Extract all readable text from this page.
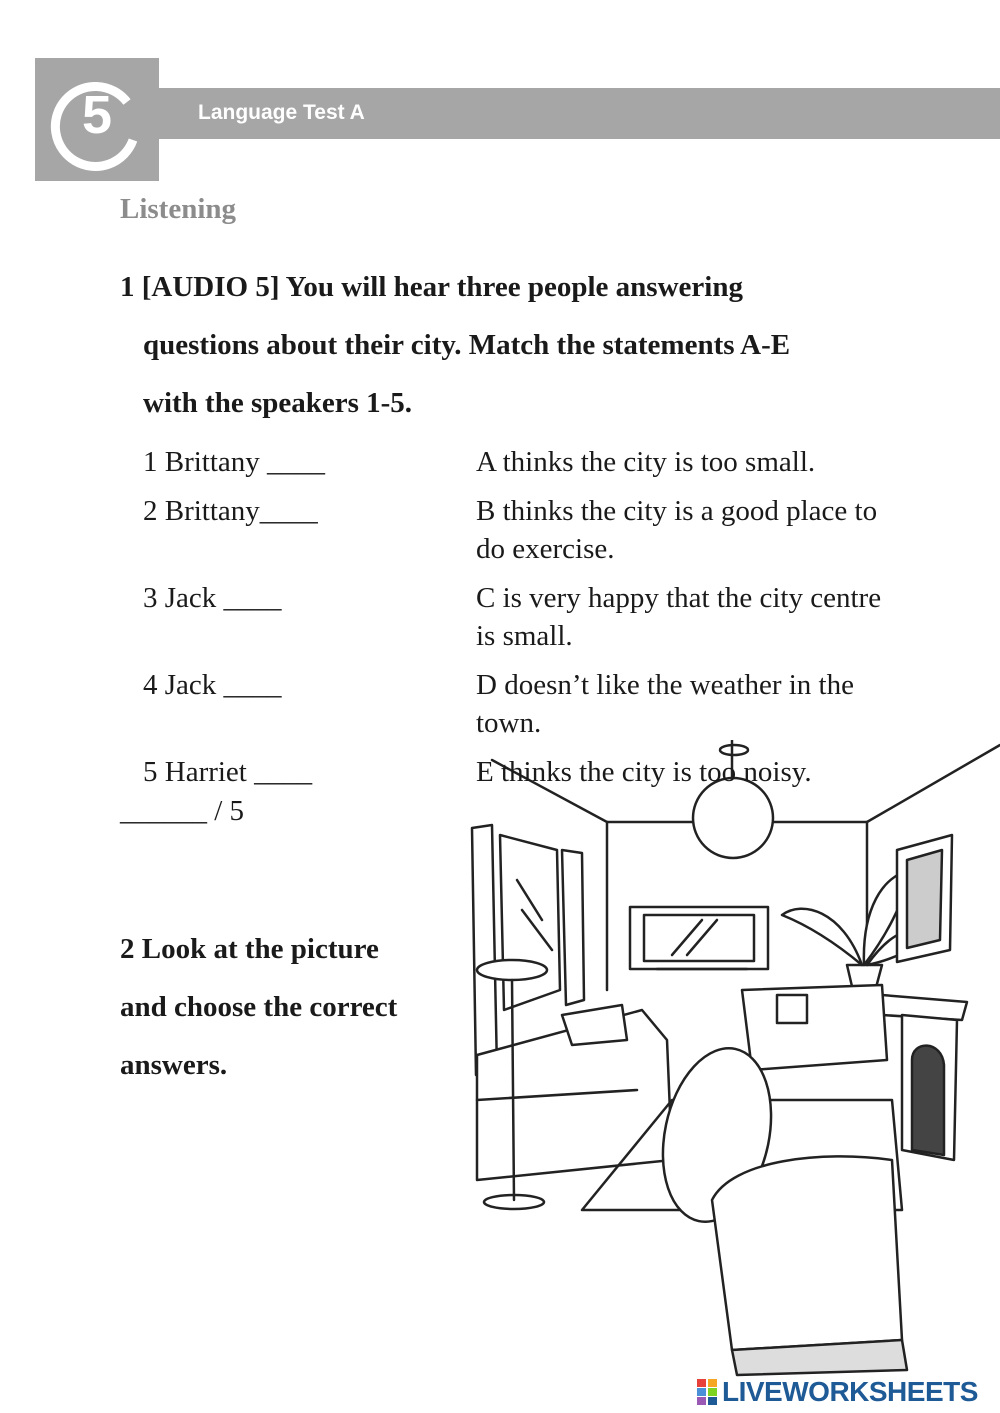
5	Language Test A
Listening
1 [AUDIO 5] You will hear three people answering
questions about their city. Match the statements A-E
with the speakers 1-5.
1 Brittany ____
2 Brittany____
3 Jack ____
4 Jack ____
5 Harriet ____
A thinks the city is too small.
B thinks the city is a good place to
do exercise.
C is very happy that the city centre
is small.
D doesn’t like the weather in the
town.
______ / 5
E thinks the city is too noisy.
2 Look at the picture
and choose the correct
answers.
LIVEWORKSHEETS
